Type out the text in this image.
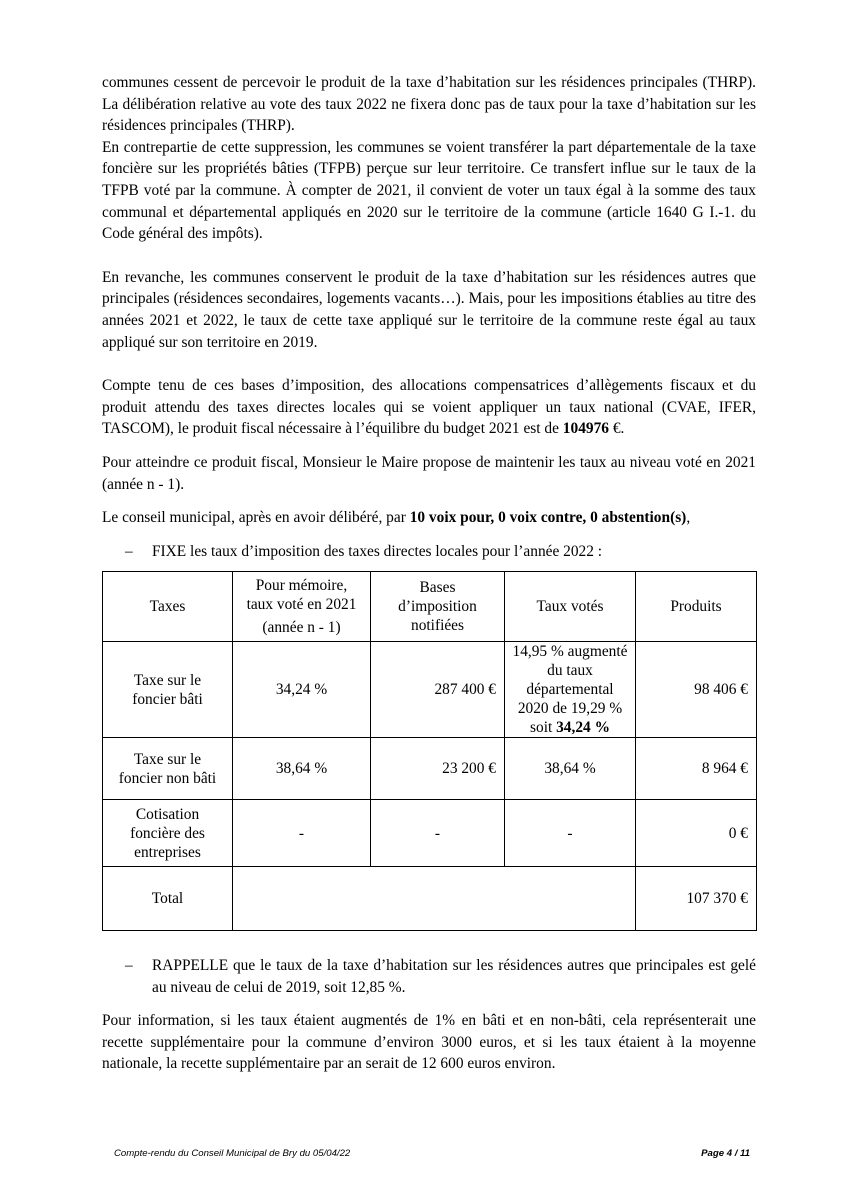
communes cessent de percevoir le produit de la taxe d’habitation sur les résidences principales (THRP). La délibération relative au vote des taux 2022 ne fixera donc pas de taux pour la taxe d’habitation sur les résidences principales (THRP).

En contrepartie de cette suppression, les communes se voient transférer la part départementale de la taxe foncière sur les propriétés bâties (TFPB) perçue sur leur territoire. Ce transfert influe sur le taux de la TFPB voté par la commune. À compter de 2021, il convient de voter un taux égal à la somme des taux communal et départemental appliqués en 2020 sur le territoire de la commune (article 1640 G I.-1. du Code général des impôts).

En revanche, les communes conservent le produit de la taxe d’habitation sur les résidences autres que principales (résidences secondaires, logements vacants…). Mais, pour les impositions établies au titre des années 2021 et 2022, le taux de cette taxe appliqué sur le territoire de la commune reste égal au taux appliqué sur son territoire en 2019.

Compte tenu de ces bases d’imposition, des allocations compensatrices d’allègements fiscaux et du produit attendu des taxes directes locales qui se voient appliquer un taux national (CVAE, IFER, TASCOM), le produit fiscal nécessaire à l’équilibre du budget 2021 est de 104976 €.

Pour atteindre ce produit fiscal, Monsieur le Maire propose de maintenir les taux au niveau voté en 2021 (année n - 1).

Le conseil municipal, après en avoir délibéré, par 10 voix pour, 0 voix contre, 0 abstention(s),

– FIXE les taux d’imposition des taxes directes locales pour l’année 2022 :

Taxes	Pour mémoire,
taux voté en 2021
(année n - 1)	Bases d’imposition notifiées	Taux votés	Produits
Taxe sur le foncier bâti	34,24 %	287 400 €	14,95 % augmenté du taux départemental 2020 de 19,29 % soit 34,24 %	98 406 €
Taxe sur le foncier non bâti	38,64 %	23 200 €	38,64 %	8 964 €
Cotisation foncière des entreprises	-	-	-	0 €
Total				107 370 €

– RAPPELLE que le taux de la taxe d’habitation sur les résidences autres que principales est gelé au niveau de celui de 2019, soit 12,85 %.

Pour information, si les taux étaient augmentés de 1% en bâti et en non-bâti, cela représenterait une recette supplémentaire pour la commune d’environ 3000 euros, et si les taux étaient à la moyenne nationale, la recette supplémentaire par an serait de 12 600 euros environ.

Compte-rendu du Conseil Municipal de Bry du 05/04/22	Page 4 / 11
